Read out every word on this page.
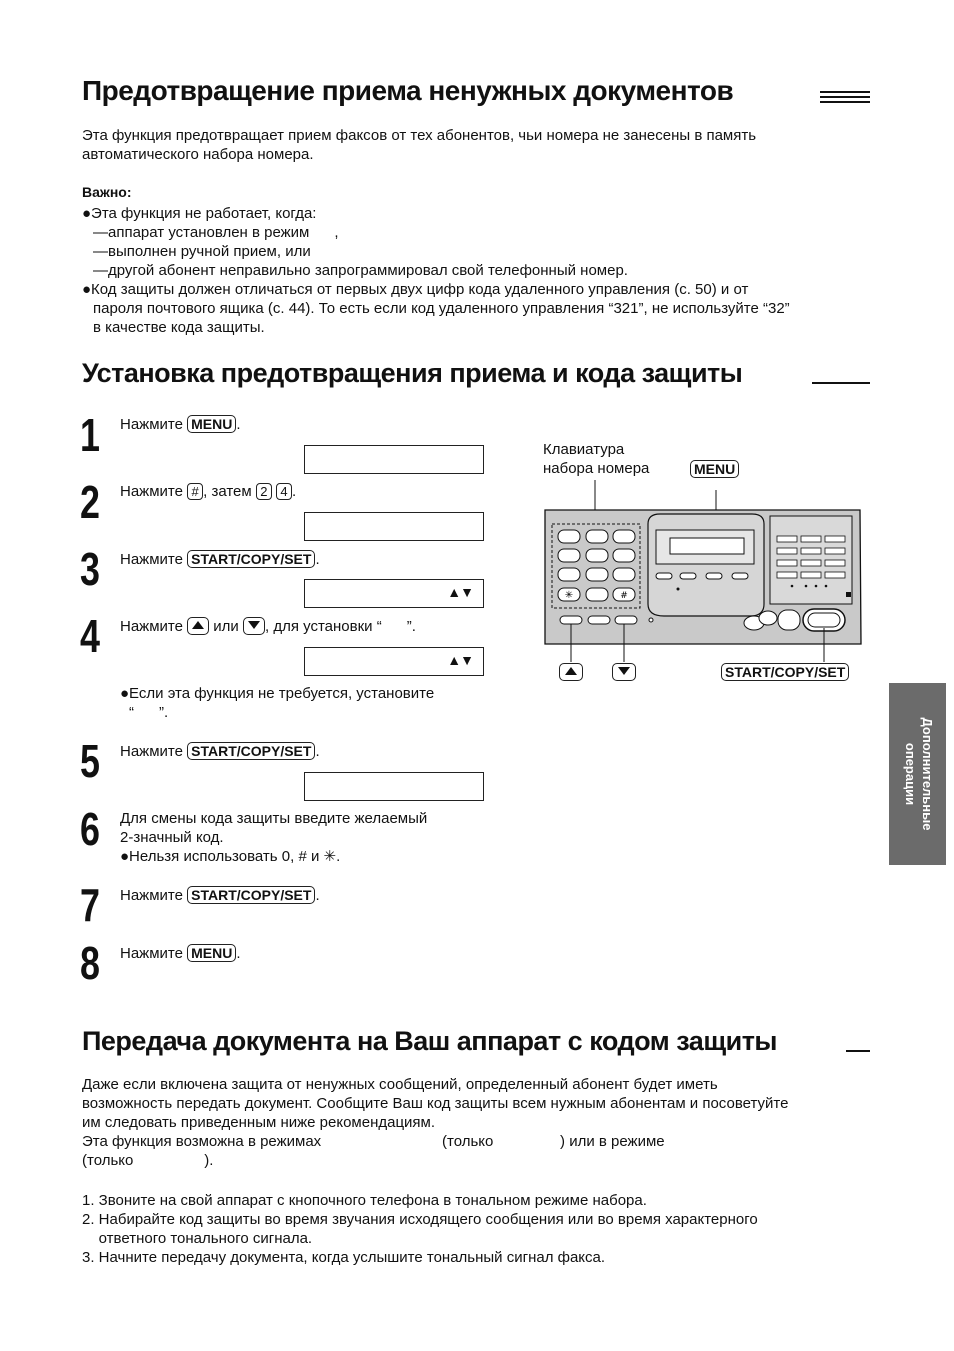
Предотвращение приема ненужных документов
Эта функция предотвращает прием факсов от тех абонентов, чьи номера не занесены в память
автоматического набора номера.
Важно:
●Эта функция не работает, когда:
—аппарат установлен в режим      ,
—выполнен ручной прием, или
—другой абонент неправильно запрограммировал свой телефонный номер.
●Код защиты должен отличаться от первых двух цифр кода удаленного управления (с. 50) и от
пароля почтового ящика (с. 44). То есть если код удаленного управления “321”, не используйте “32”
в качестве кода защиты.
Установка предотвращения приема и кода защиты
1 Нажмите MENU .
2 Нажмите # , затем 2 4 .
3 Нажмите START/COPY/SET .
▲▼
4 Нажмите  или , для установки “      ”.
▲▼
●Если эта функция не требуется, установите
“      ”.
5 Нажмите START/COPY/SET .
6 Для смены кода защиты введите желаемый
2-значный код.
●Нельзя использовать 0, # и ✳.
7 Нажмите START/COPY/SET .
8 Нажмите MENU .
Клавиатура
набора номера	MENU
✳	#
START/COPY/SET
Дополнительные
операции
Передача документа на Ваш аппарат с кодом защиты
Даже если включена защита от ненужных сообщений, определенный абонент будет иметь
возможность передать документ. Сообщите Ваш код защиты всем нужным абонентам и посоветуйте
им следовать приведенным ниже рекомендациям.
Эта функция возможна в режимах                             (только                ) или в режиме
(только                 ).
1. Звоните на свой аппарат с кнопочного телефона в тональном режиме набора.
2. Набирайте код защиты во время звучания исходящего сообщения или во время характерного
ответного тонального сигнала.
3. Начните передачу документа, когда услышите тональный сигнал факса.
